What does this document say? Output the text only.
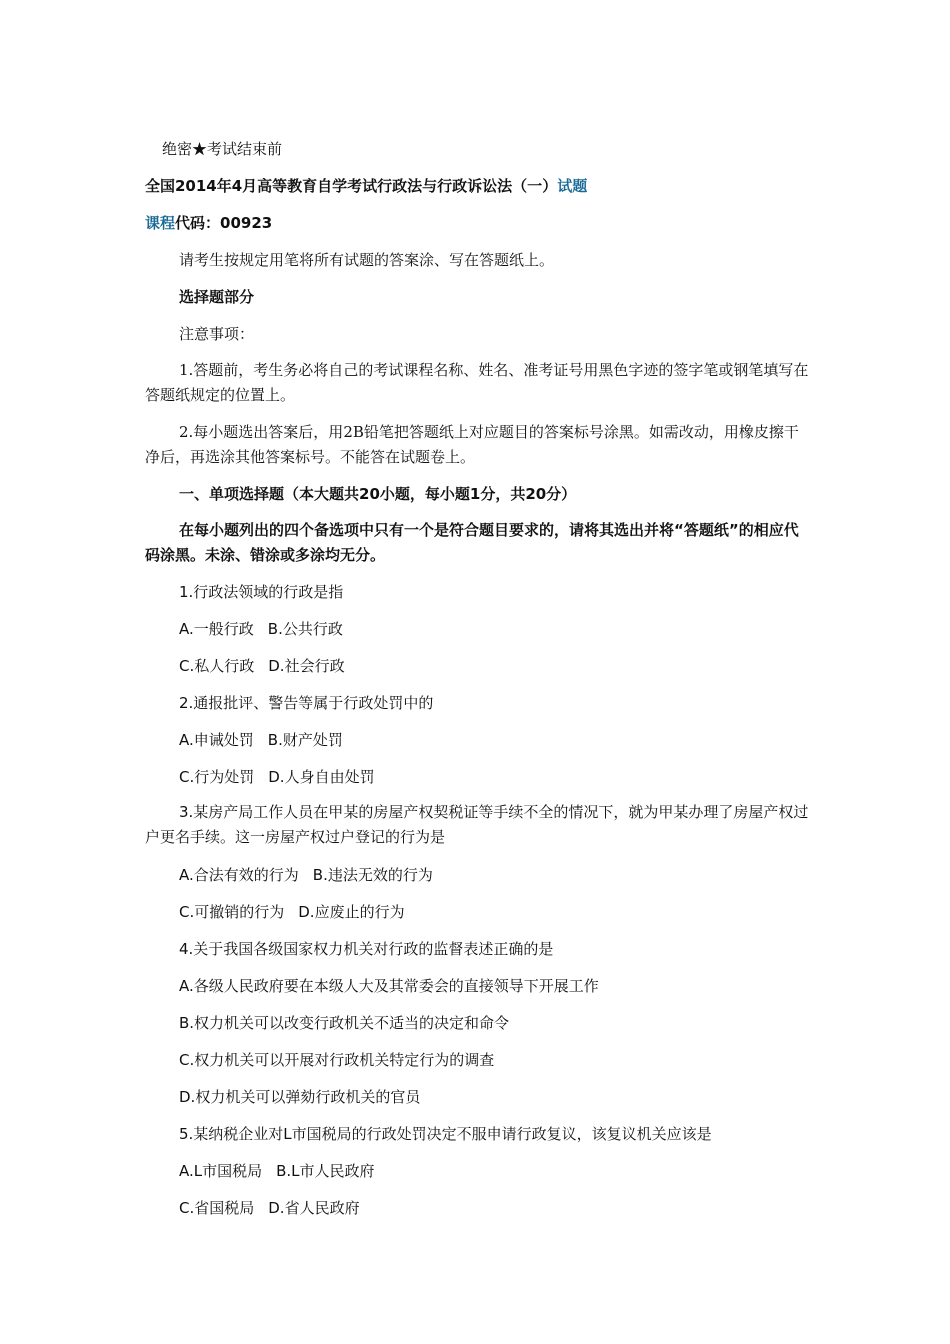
绝密★考试结束前
全国2014年4月高等教育自学考试行政法与行政诉讼法（一）试题
课程代码：00923
请考生按规定用笔将所有试题的答案涂、写在答题纸上。
选择题部分
注意事项：
1.答题前，考生务必将自己的考试课程名称、姓名、准考证号用黑色字迹的签字笔或钢笔填写在答题纸规定的位置上。
2.每小题选出答案后，用2B铅笔把答题纸上对应题目的答案标号涂黑。如需改动，用橡皮擦干净后，再选涂其他答案标号。不能答在试题卷上。
一、单项选择题（本大题共20小题，每小题1分，共20分）
在每小题列出的四个备选项中只有一个是符合题目要求的，请将其选出并将“答题纸”的相应代码涂黑。未涂、错涂或多涂均无分。
1.行政法领域的行政是指
A.一般行政 B.公共行政
C.私人行政 D.社会行政
2.通报批评、警告等属于行政处罚中的
A.申诫处罚 B.财产处罚
C.行为处罚 D.人身自由处罚
3.某房产局工作人员在甲某的房屋产权契税证等手续不全的情况下，就为甲某办理了房屋产权过户更名手续。这一房屋产权过户登记的行为是
A.合法有效的行为 B.违法无效的行为
C.可撤销的行为 D.应废止的行为
4.关于我国各级国家权力机关对行政的监督表述正确的是
A.各级人民政府要在本级人大及其常委会的直接领导下开展工作
B.权力机关可以改变行政机关不适当的决定和命令
C.权力机关可以开展对行政机关特定行为的调查
D.权力机关可以弹劾行政机关的官员
5.某纳税企业对L市国税局的行政处罚决定不服申请行政复议，该复议机关应该是
A.L市国税局 B.L市人民政府
C.省国税局 D.省人民政府
